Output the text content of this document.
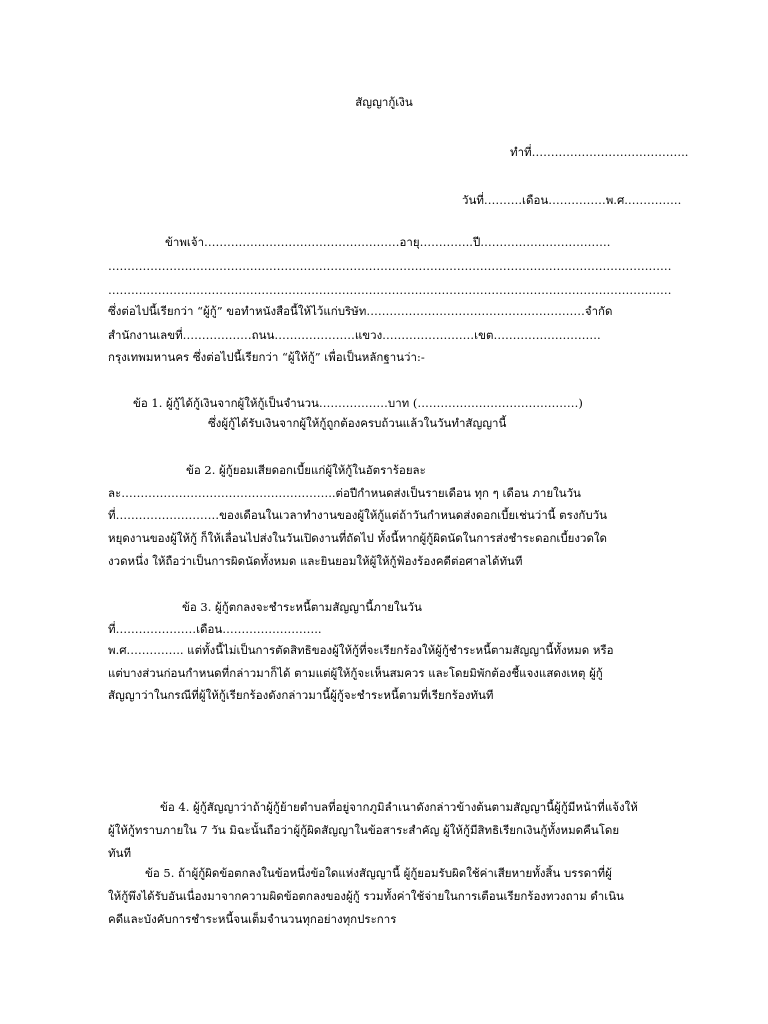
สัญญากู้เงิน
ทำที่…………………………………..
วันที่……….เดือน……………พ.ศ.…………..
ข้าพเจ้า……………………………………………อายุ…………..ปี…………………………….
…………………………………………………………………………………………………………………………………
…………………………………………………………………………………………………………………………………
ซึ่งต่อไปนี้เรียกว่า “ผู้กู้” ขอทำหนังสือนี้ให้ไว้แก่บริษัท…………………………………………………จำกัด
สำนักงานเลขที่………………ถนน…………………แขวง……………………เขต……………………….
กรุงเทพมหานคร ซึ่งต่อไปนี้เรียกว่า “ผู้ให้กู้” เพื่อเป็นหลักฐานว่า:-
ข้อ 1. ผู้กู้ได้กู้เงินจากผู้ให้กู้เป็นจำนวน………………บาท (……………………………………)
ซึ่งผู้กู้ได้รับเงินจากผู้ให้กู้ถูกต้องครบถ้วนแล้วในวันทำสัญญานี้
ข้อ 2. ผู้กู้ยอมเสียดอกเบี้ยแก่ผู้ให้กู้ในอัตราร้อยละ
ละ………………………………………………..ต่อปีกำหนดส่งเป็นรายเดือน ทุก ๆ เดือน ภายในวัน
ที่………………………ของเดือนในเวลาทำงานของผู้ให้กู้แต่ถ้าวันกำหนดส่งดอกเบี้ยเช่นว่านี้ ตรงกับวัน
หยุดงานของผู้ให้กู้ ก็ให้เลื่อนไปส่งในวันเปิดงานที่ถัดไป ทั้งนี้หากผู้กู้ผิดนัดในการส่งชำระดอกเบี้ยงวดใด
งวดหนึ่ง ให้ถือว่าเป็นการผิดนัดทั้งหมด และยินยอมให้ผู้ให้กู้ฟ้องร้องคดีต่อศาลได้ทันที
ข้อ 3. ผู้กู้ตกลงจะชำระหนี้ตามสัญญานี้ภายในวัน
ที่…………………เดือน……………………..
พ.ศ.………….. แต่ทั้งนี้ไม่เป็นการตัดสิทธิของผู้ให้กู้ที่จะเรียกร้องให้ผู้กู้ชำระหนี้ตามสัญญานี้ทั้งหมด หรือ
แต่บางส่วนก่อนกำหนดที่กล่าวมาก็ได้ ตามแต่ผู้ให้กู้จะเห็นสมควร และโดยมิพักต้องชี้แจงแสดงเหตุ ผู้กู้
สัญญาว่าในกรณีที่ผู้ให้กู้เรียกร้องดังกล่าวมานี้ผู้กู้จะชำระหนี้ตามที่เรียกร้องทันที
ข้อ 4. ผู้กู้สัญญาว่าถ้าผู้กู้ย้ายตำบลที่อยู่จากภูมิลำเนาดังกล่าวข้างต้นตามสัญญานี้ผู้กู้มีหน้าที่แจ้งให้
ผู้ให้กู้ทราบภายใน 7 วัน มิฉะนั้นถือว่าผู้กู้ผิดสัญญาในข้อสาระสำคัญ ผู้ให้กู้มีสิทธิเรียกเงินกู้ทั้งหมดคืนโดย
ทันที
ข้อ 5. ถ้าผู้กู้ผิดข้อตกลงในข้อหนึ่งข้อใดแห่งสัญญานี้ ผู้กู้ยอมรับผิดใช้ค่าเสียหายทั้งสิ้น บรรดาที่ผู้
ให้กู้พึงได้รับอันเนื่องมาจากความผิดข้อตกลงของผู้กู้ รวมทั้งค่าใช้จ่ายในการเตือนเรียกร้องทวงถาม ดำเนิน
คดีและบังคับการชำระหนี้จนเต็มจำนวนทุกอย่างทุกประการ
